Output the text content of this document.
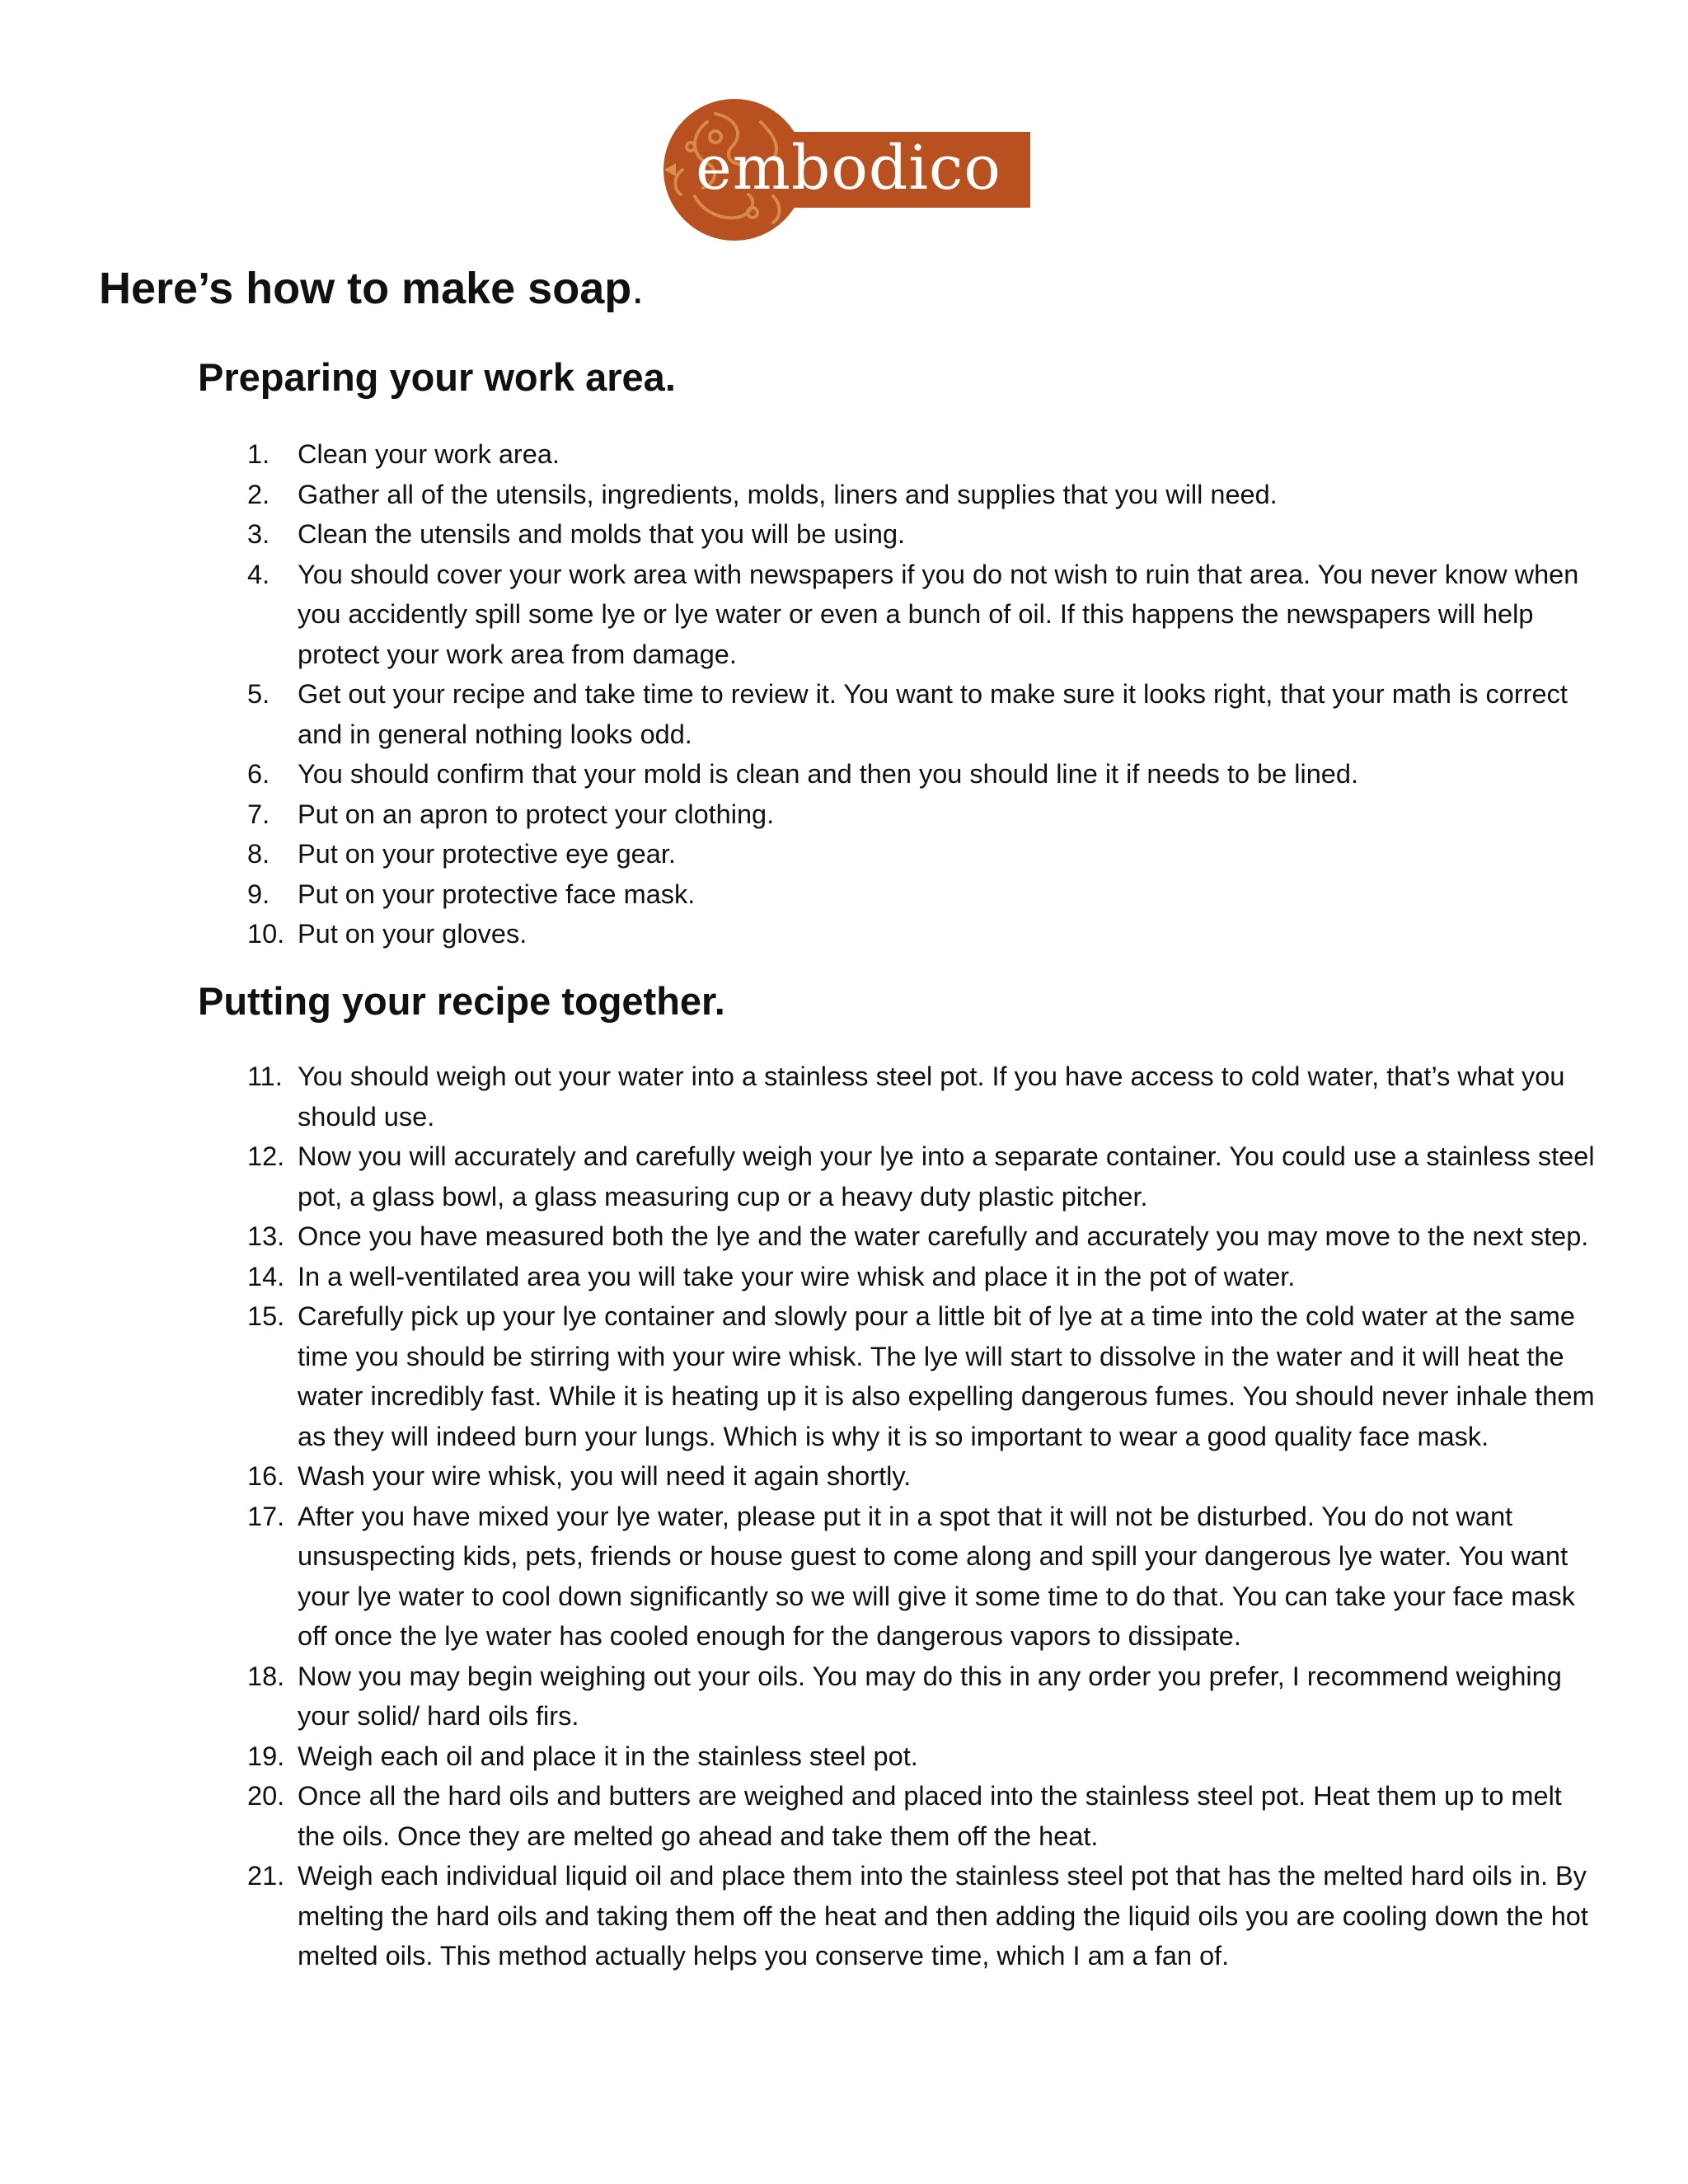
embodico
Here’s how to make soap.
Preparing your work area.
1. Clean your work area.
2. Gather all of the utensils, ingredients, molds, liners and supplies that you will need.
3. Clean the utensils and molds that you will be using.
4. You should cover your work area with newspapers if you do not wish to ruin that area. You never know when you accidently spill some lye or lye water or even a bunch of oil. If this happens the newspapers will help protect your work area from damage.
5. Get out your recipe and take time to review it. You want to make sure it looks right, that your math is correct and in general nothing looks odd.
6. You should confirm that your mold is clean and then you should line it if needs to be lined.
7. Put on an apron to protect your clothing.
8. Put on your protective eye gear.
9. Put on your protective face mask.
10. Put on your gloves.
Putting your recipe together.
11. You should weigh out your water into a stainless steel pot. If you have access to cold water, that’s what you should use.
12. Now you will accurately and carefully weigh your lye into a separate container. You could use a stainless steel pot, a glass bowl, a glass measuring cup or a heavy duty plastic pitcher.
13. Once you have measured both the lye and the water carefully and accurately you may move to the next step.
14. In a well-ventilated area you will take your wire whisk and place it in the pot of water.
15. Carefully pick up your lye container and slowly pour a little bit of lye at a time into the cold water at the same time you should be stirring with your wire whisk. The lye will start to dissolve in the water and it will heat the water incredibly fast. While it is heating up it is also expelling dangerous fumes. You should never inhale them as they will indeed burn your lungs. Which is why it is so important to wear a good quality face mask.
16. Wash your wire whisk, you will need it again shortly.
17. After you have mixed your lye water, please put it in a spot that it will not be disturbed. You do not want unsuspecting kids, pets, friends or house guest to come along and spill your dangerous lye water. You want your lye water to cool down significantly so we will give it some time to do that. You can take your face mask off once the lye water has cooled enough for the dangerous vapors to dissipate.
18. Now you may begin weighing out your oils. You may do this in any order you prefer, I recommend weighing your solid/ hard oils firs.
19. Weigh each oil and place it in the stainless steel pot.
20. Once all the hard oils and butters are weighed and placed into the stainless steel pot. Heat them up to melt the oils. Once they are melted go ahead and take them off the heat.
21. Weigh each individual liquid oil and place them into the stainless steel pot that has the melted hard oils in. By melting the hard oils and taking them off the heat and then adding the liquid oils you are cooling down the hot melted oils. This method actually helps you conserve time, which I am a fan of.
